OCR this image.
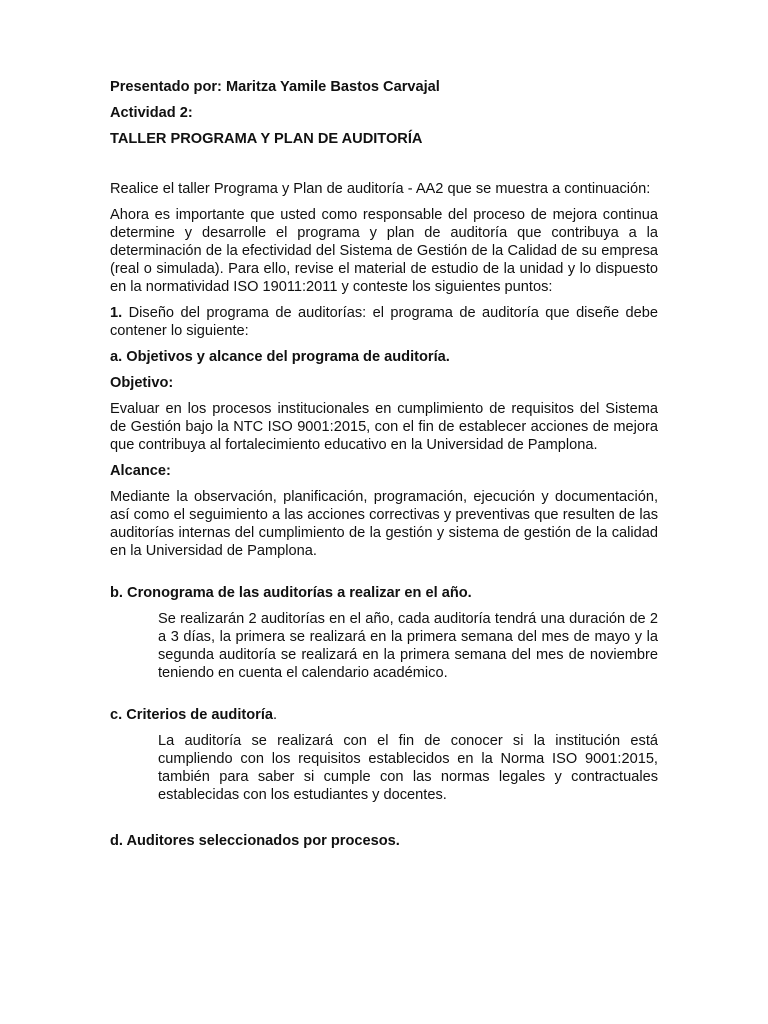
Presentado por: Maritza Yamile Bastos Carvajal

Actividad 2:

TALLER PROGRAMA Y PLAN DE AUDITORÍA

Realice el taller Programa y Plan de auditoría - AA2 que se muestra a continuación:

Ahora es importante que usted como responsable del proceso de mejora continua determine y desarrolle el programa y plan de auditoría que contribuya a la determinación de la efectividad del Sistema de Gestión de la Calidad de su empresa (real o simulada). Para ello, revise el material de estudio de la unidad y lo dispuesto en la normatividad ISO 19011:2011 y conteste los siguientes puntos:

1. Diseño del programa de auditorías: el programa de auditoría que diseñe debe contener lo siguiente:

a. Objetivos y alcance del programa de auditoría.

Objetivo:

Evaluar en los procesos institucionales en cumplimiento de requisitos del Sistema de Gestión bajo la NTC ISO 9001:2015, con el fin de establecer acciones de mejora que contribuya al fortalecimiento educativo en la Universidad de Pamplona.

Alcance:

Mediante la observación, planificación, programación, ejecución y documentación, así como el seguimiento a las acciones correctivas y preventivas que resulten de las auditorías internas del cumplimiento de la gestión y sistema de gestión de la calidad en la Universidad de Pamplona.

b. Cronograma de las auditorías a realizar en el año.

Se realizarán 2 auditorías en el año, cada auditoría tendrá una duración de 2 a 3 días, la primera se realizará en la primera semana del mes de mayo y la segunda auditoría se realizará en la primera semana del mes de noviembre teniendo en cuenta el calendario académico.

c. Criterios de auditoría.

La auditoría se realizará con el fin de conocer si la institución está cumpliendo con los requisitos establecidos en la Norma ISO 9001:2015, también para saber si cumple con las normas legales y contractuales establecidas con los estudiantes y docentes.

d. Auditores seleccionados por procesos.
